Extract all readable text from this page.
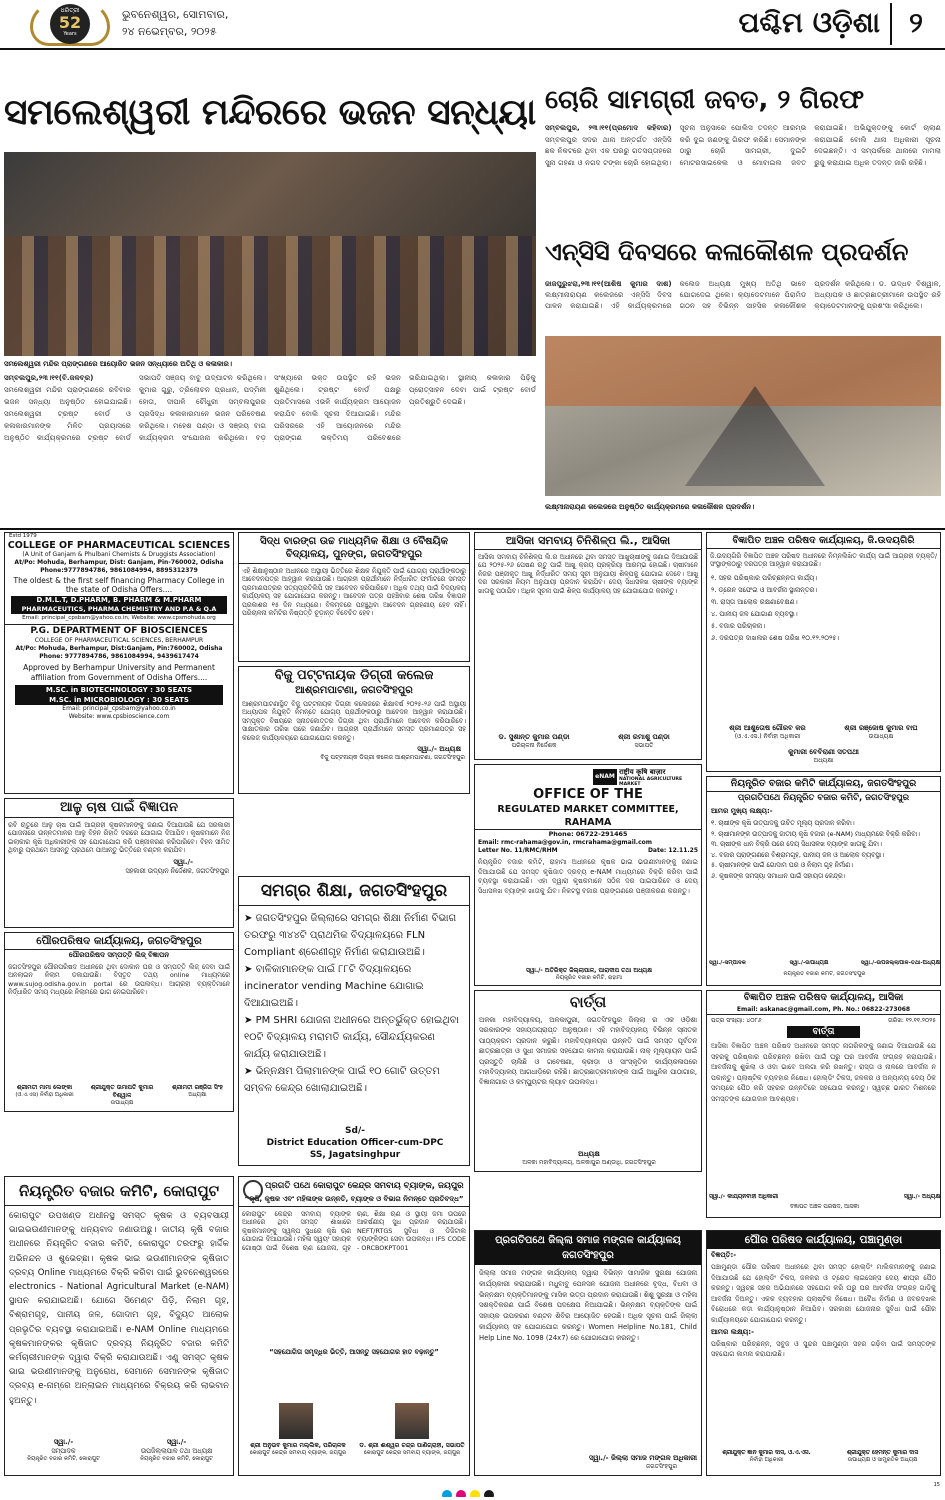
ଧରିତ୍ରୀ
52
Years
ଭୁବନେଶ୍ୱର, ସୋମବାର,
୨୪ ନଭେମ୍ବର, ୨୦୨୫	ପଶ୍ଚିମ ଓଡ଼ିଶା	୨
ସମଲେଶ୍ୱରୀ ମନ୍ଦିରରେ ଭଜନ ସନ୍ଧ୍ୟା
ସମଲେଶ୍ୱରୀ ମନ୍ଦିର ପ୍ରାଙ୍ଗଣରେ ଆୟୋଜିତ ଭଜନ ସନ୍ଧ୍ୟାରେ ଅତିଥି ଓ କଳାକାର।
ସମ୍ବଲପୁର,୨୩।୧୧(ବି.ଜଳବ୍ର) ସମଲେଶ୍ୱରୀ ମନ୍ଦିର ପ୍ରାଙ୍ଗଣରେ ରବିବାର ଭଜନ ସନ୍ଧ୍ୟା ଅନୁଷ୍ଠିତ ହୋଇଯାଇଛି। ସମଲେଶ୍ୱରୀ ଟ୍ରଷ୍ଟ ବୋର୍ଡ ଓ କଳାକାରମାନଙ୍କ ମିଳିତ ପ୍ରୟାସରେ ଅନୁଷ୍ଠିତ କାର୍ଯ୍ୟକ୍ରମରେ ଟ୍ରଷ୍ଟ ବୋର୍ଡ ସଭାପତି ସଞ୍ଜୟ ବାବୁ ଉଦ୍‌ଘାଟନ କରିଥିଲେ। କୁମାର ଗୁରୁ, ତ୍ରିଲୋଚନ ପ୍ରଧାନ, ପଦ୍ମିନୀ ହୋତା, ଦୀପାଳି ଚୌଧୁରୀ ସମ୍ବଲପୁରର ପ୍ରସିଦ୍ଧ କଳାକାରମାନେ ଭଜନ ପରିବେଷଣ କରିଥିଲେ। ମହେଶ ପଣ୍ଡା ଓ ସଞ୍ଜୟ ବାଗ କାର୍ଯ୍ୟକ୍ରମ ସଂଯୋଜନା କରିଥିଲେ। ବଡ଼ ସଂଖ୍ୟାରେ ଭକ୍ତ ଉପସ୍ଥିତ ରହି ଭଜନ ଶୁଣିଥିଲେ। ଟ୍ରଷ୍ଟ ବୋର୍ଡ ପକ୍ଷରୁ ପ୍ରତିମାସରେ ଏଭଳି କାର୍ଯ୍ୟକ୍ରମ ଆୟୋଜନ କରାଯିବ ବୋଲି ସୂଚନା ଦିଆଯାଇଛି। ମନ୍ଦିର ପରିସରରେ ଏହି ଆୟୋଜନରେ ମନ୍ଦିର ପ୍ରାଙ୍ଗଣ ଭକ୍ତିମୟ ପରିବେଶରେ ଭରିଯାଇଥିଲା। ସ୍ଥାନୀୟ କଳାକାର ପିଢ଼ିକୁ ପ୍ରୋତ୍ସାହନ ଦେବା ପାଇଁ ଟ୍ରଷ୍ଟ ବୋର୍ଡ ପ୍ରତିଶ୍ରୁତି ଦେଇଛି।
ଚୋରି ସାମଗ୍ରୀ ଜବତ, ୨ ଗିରଫ
ସମ୍ବଲପୁର, ୨୩।୧୧(ପ୍ରମୋଦ କହିବାର) ସମ୍ବଲପୁର ସଦର ଥାନା ଅନ୍ତର୍ଗତ ଏନ୍‌ସିସି ଛକ ନିକଟରେ ଥିବା ଏକ ଘରରୁ ଗତସପ୍ତାହରେ ସୁନା ଗହଣା ଓ ନଗଦ ଟଙ୍କା ଚୋରି ହୋଇଥିଲା। ସୂଚନା ଅନୁସାରେ ପୋଲିସ ତଦନ୍ତ ଆରମ୍ଭ କରି ଦୁଇ ଜଣଙ୍କୁ ଗିରଫ କରିଛି। ସେମାନଙ୍କ ଠାରୁ ଚୋରି ସାମଗ୍ରୀ, ଦୁଇଟି ମୋଟରସାଇକେଲ ଓ ମୋବାଇଲ ଜବତ କରାଯାଇଛି। ଅଭିଯୁକ୍ତଙ୍କୁ କୋର୍ଟ ଚାଲାଣ କରାଯାଇଛି ବୋଲି ଥାନା ଅଧିକାରୀ ସୂଚନା ଦେଇଛନ୍ତି। ଏ ସମ୍ପର୍କରେ ଥାନାରେ ମାମଲା ରୁଜୁ କରାଯାଇ ଅଧିକ ତଦନ୍ତ ଜାରି ରହିଛି।
ଏନ୍‌ସିସି ଦିବସରେ କଳାକୌଶଳ ପ୍ରଦର୍ଶନ
ଜାଜପୁରୁଝରା,୨୩।୧୧(ଆଶିଷ କୁମାର ଦାଶ) ଲକ୍ଷ୍ମୀନାରାୟଣ କଲେଜରେ ଏନ୍‌ସିସି ଦିବସ ପାଳନ କରାଯାଇଛି। ଏହି କାର୍ଯ୍ୟକ୍ରମରେ କଲେଜ ଅଧ୍ୟକ୍ଷ ମୁଖ୍ୟ ଅତିଥି ଭାବେ ଯୋଗଦେଇ ଥିଲେ। କ୍ୟାଡେଟମାନେ ପିରାମିଡ ଗଠନ ସହ ବିଭିନ୍ନ ସାହସିକ କଳାକୌଶଳ ପ୍ରଦର୍ଶନ କରିଥିଲେ। ଡ. ଉଦ୍ଧବ ବିଶ୍ୱାଳ, ଅଧ୍ୟାପକ ଓ ଛାତ୍ରଛାତ୍ରୀମାନେ ଉପସ୍ଥିତ ରହି କ୍ୟାଡେଟମାନଙ୍କୁ ପ୍ରଶଂସା କରିଥିଲେ।
ଲକ୍ଷ୍ମୀନାରାୟଣ କଲେଜରେ ଅନୁଷ୍ଠିତ କାର୍ଯ୍ୟକ୍ରମରେ କଳାକୌଶଳ ପ୍ରଦର୍ଶନ।
Estd 1979
COLLEGE OF PHARMACEUTICAL SCIENCES
(A Unit of Ganjam & Phulbani Chemists & Druggists Association)
At/Po: Mohuda, Berhampur, Dist: Ganjam, Pin-760002, Odisha
Phone:9777894786, 9861084994, 8895312379
The oldest & the first self financing Pharmacy College in the state of Odisha Offers....
D.M.L.T, D.PHARM, B. PHARM & M.PHARM
PHARMACEUTICS, PHARMA CHEMISTRY AND P.A & Q.A
Email: principal_cpsbam@yahoo.co.in, Website: www.cpsmohuda.org
P.G. DEPARTMENT OF BIOSCIENCES
COLLEGE OF PHARMACEUTICAL SCIENCES, BERHAMPUR
At/Po: Mohuda, Berhampur, Dist:Ganjam, Pin:760002, Odisha
Phone: 9777894786, 9861084994, 9439617474
Approved by Berhampur University and Permanent affiliation from Government of Odisha Offers....
M.SC. in BIOTECHNOLOGY : 30 SEATS
M.SC. in MICROBIOLOGY : 30 SEATS
Email: principal_cpsbam@yahoo.co.in
Website: www.cpsbioscience.com
ସିଦ୍ଧ ବାରଙ୍ଗ ଉଚ୍ଚ ମାଧ୍ୟମିକ ଶିକ୍ଷା ଓ ବୈଷୟିକ ବିଦ୍ୟାଳୟ, ପୁନଙ୍ଗ, ଜଗତସିଂହପୁର
ଏହି ଶିକ୍ଷାନୁଷ୍ଠାନ ଅଧୀନରେ ଅସ୍ଥାୟୀ ଭିତ୍ତିରେ ଶିକ୍ଷକ ନିଯୁକ୍ତି ପାଇଁ ଯୋଗ୍ୟ ପ୍ରାର୍ଥୀଙ୍କଠାରୁ ଆବେଦନପତ୍ର ଆହ୍ୱାନ କରାଯାଉଛି। ଆଗ୍ରହୀ ପ୍ରାର୍ଥୀମାନେ ନିର୍ଦ୍ଧାରିତ ଫର୍ମାଟରେ ସମସ୍ତ ପ୍ରମାଣପତ୍ରର ସତ୍ୟପ୍ରତିଲିପି ସହ ଆବେଦନ କରିପାରିବେ। ଅଧିକ ତଥ୍ୟ ପାଇଁ ବିଦ୍ୟାଳୟ କାର୍ଯ୍ୟାଳୟ ସହ ଯୋଗାଯୋଗ କରନ୍ତୁ। ଆବେଦନ ପତ୍ର ପହଞ୍ଚିବାର ଶେଷ ତାରିଖ ବିଜ୍ଞାପନ ପ୍ରକାଶର ୧୫ ଦିନ ମଧ୍ୟରେ। ବିଳମ୍ବରେ ପହଞ୍ଚୁଥିବା ଆବେଦନ ଗ୍ରହଣୀୟ ହେବ ନାହିଁ। ପରିଚାଳନା କମିଟିର ନିଷ୍ପତ୍ତି ଚୂଡ଼ାନ୍ତ ବିବେଚିତ ହେବ।
ବିଜୁ ପଟ୍ଟନାୟକ ଡିଗ୍ରୀ କଲେଜ
ଆଶ୍ରମପାଟଣା, ଜଗତସିଂହପୁର
ଆଶ୍ରମପାଟଣାସ୍ଥିତ ବିଜୁ ପଟ୍ଟନାୟକ ଡିଗ୍ରୀ କଲେଜରେ ଶିକ୍ଷାବର୍ଷ ୨୦୨୫-୨୬ ପାଇଁ ଅସ୍ଥାୟୀ ଅଧ୍ୟାପକ ନିଯୁକ୍ତି ନିମନ୍ତେ ଯୋଗ୍ୟ ପ୍ରାର୍ଥୀଙ୍କଠାରୁ ଆବେଦନ ଆହ୍ୱାନ କରାଯାଉଛି। ସମ୍ପୃକ୍ତ ବିଷୟରେ ସ୍ନାତକୋତ୍ତର ଡିଗ୍ରୀ ଥିବା ପ୍ରାର୍ଥୀମାନେ ଆବେଦନ କରିପାରିବେ। ସାକ୍ଷାତକାର ତାରିଖ ପରେ ଜଣାଯିବ। ଆଗ୍ରହୀ ପ୍ରାର୍ଥୀମାନେ ସମସ୍ତ ପ୍ରମାଣପତ୍ର ସହ କଲେଜ କାର୍ଯ୍ୟାଳୟରେ ଯୋଗାଯୋଗ କରନ୍ତୁ।
ସ୍ୱା./- ଅଧ୍ୟକ୍ଷ
ବିଜୁ ପଟ୍ଟନାୟକ ଡିଗ୍ରୀ କଲେଜ ଆଶ୍ରମପାଟଣା, ଜଗତସିଂହପୁର
ଆସିକା ସମବାୟ ଚିନିଶିଳ୍ପ ଲି., ଆସିକା
ଆସିକା ସମବାୟ ଚିନିଶିଳ୍ପ ଲି.ର ଅଧୀନରେ ଥିବା ସମସ୍ତ ଆଖୁଚାଷୀଙ୍କୁ ଜଣାଇ ଦିଆଯାଉଛି ଯେ ୨୦୨୫-୨୬ ପେଷଣ ଋତୁ ପାଇଁ ଆଖୁ କ୍ରୟ ପ୍ରକ୍ରିୟା ଆରମ୍ଭ ହୋଇଛି। ଚାଷୀମାନେ ନିଜର ପଞ୍ଜୀକୃତ ଆଖୁ ନିର୍ଦ୍ଧାରିତ ସମୟ ସୂଚୀ ଅନୁଯାୟୀ ଶିଳ୍ପକୁ ଯୋଗାଇ ଦେବେ। ଆଖୁ ଦର ସରକାରୀ ନିୟମ ଅନୁଯାୟୀ ପ୍ରଦାନ କରାଯିବ। ଦେୟ ସିଧାସଳଖ ଚାଷୀଙ୍କ ବ୍ୟାଙ୍କ ଖାତାକୁ ପଠାଯିବ। ଅଧିକ ସୂଚନା ପାଇଁ ଶିଳ୍ପ କାର୍ଯ୍ୟାଳୟ ସହ ଯୋଗାଯୋଗ କରନ୍ତୁ।
ଡ. ସୁଶାନ୍ତ କୁମାର ପଣ୍ଡା
ପରିଚାଳନା ନିର୍ଦ୍ଦେଶକ
ଶ୍ରୀ ରମାଶୁ ପଣ୍ଡା
ସଭାପତି
ବିଜ୍ଞାପିତ ଅଞ୍ଚଳ ପରିଷଦ କାର୍ଯ୍ୟାଳୟ, ଜି.ଉଦୟଗିରି
ଜି.ଉଦୟଗିରି ବିଜ୍ଞାପିତ ଅଞ୍ଚଳ ପରିଷଦ ଅଧୀନରେ ନିମ୍ନଲିଖିତ କାର୍ଯ୍ୟ ପାଇଁ ଆଗ୍ରହୀ ବ୍ୟକ୍ତି/ସଂସ୍ଥାଙ୍କଠାରୁ ଦରପତ୍ର ଆହ୍ୱାନ କରାଯାଉଛି।
୧. ସହର ପରିଷ୍କାର ପରିଚ୍ଛନ୍ନତା କାର୍ଯ୍ୟ।
୨. ଡ୍ରେନ ସଫେଇ ଓ ଆବର୍ଜନା ସ୍ଥାନାନ୍ତର।
୩. ରାସ୍ତା ଆଲୋକ ରକ୍ଷଣାବେକ୍ଷଣ।
୪. ପାନୀୟ ଜଳ ଯୋଗାଣ ବ୍ୟବସ୍ଥା।
୫. ବଜାର ପରିଚାଳନା।
୬. ଦରପତ୍ର ଦାଖଲର ଶେଷ ତାରିଖ ୧୦.୧୨.୨୦୨୫।
ଶ୍ରୀ ଆଶୁତୋଷ ଗୌରବ କର
(ଓ.ଏ.ଏସ.) ନିର୍ବାହୀ ଅଧିକାରୀ
ଶ୍ରୀ ରଞ୍ଜୋଷ କୁମାର ବାଘ
ଉପାଧ୍ୟକ୍ଷ
କୁମାରୀ ବେବିରାଣୀ ସତପଥୀ
ଅଧ୍ୟକ୍ଷା
ଆଳୁ ଚାଷ ପାଇଁ ବିଜ୍ଞାପନ
ରବି ଋତୁରେ ଆଳୁ ଚାଷ ପାଇଁ ଆଗ୍ରହୀ କୃଷକମାନଙ୍କୁ ଜଣାଇ ଦିଆଯାଉଛି ଯେ ସରକାରୀ ଯୋଜନାରେ ଉନ୍ନତମାନର ଆଳୁ ବିହନ ରିହାତି ଦରରେ ଯୋଗାଇ ଦିଆଯିବ। କୃଷକମାନେ ନିଜ ଇଲାକାର କୃଷି ଅଧିକାରୀଙ୍କ ସହ ଯୋଗାଯୋଗ କରି ପଞ୍ଜୀକରଣ କରିପାରିବେ। ବିହନ ସୀମିତ ଥିବାରୁ ପ୍ରଥମେ ଆସନ୍ତୁ ପ୍ରଥମେ ପାଆନ୍ତୁ ଭିତ୍ତିରେ ବଣ୍ଟନ କରାଯିବ।
ସ୍ୱା./-
ସହକାରୀ ଉଦ୍ୟାନ ନିର୍ଦ୍ଦେଶକ, ଜଗତସିଂହପୁର
ପୌରପରିଷଦ କାର୍ଯ୍ୟାଳୟ, ଜଗତସିଂହପୁର
ପୌରପରିଷଦ ସମ୍ପତ୍ତି ଲିଜ୍ ବିଜ୍ଞାପନ
ଜଗତସିଂହପୁର ପୌରପରିଷଦ ଅଧୀନରେ ଥିବା ଦୋକାନ ଘର ଓ ସମ୍ପତ୍ତି ଲିଜ୍ ଦେବା ପାଇଁ ଅନଲାଇନ ନିଲାମ ଡକାଯାଉଛି। ବିସ୍ତୃତ ତଥ୍ୟ online ମାଧ୍ୟମରେ www.sujog.odisha.gov.in portal ରେ ଉପଲବ୍ଧ। ଆଗ୍ରହୀ ବ୍ୟକ୍ତିମାନେ ନିର୍ଦ୍ଧାରିତ ସମୟ ମଧ୍ୟରେ ନିଲାମରେ ଭାଗ ନେଇପାରିବେ।
ଶ୍ରୀମତୀ ମାମା ଲେଙ୍କା
(ଓ.ଏ.ଏସ) ନିର୍ବାହୀ ଅଧିକାରୀ
ଶ୍ରୀଯୁକ୍ତ ଉମାପତି କୁମାର ବିଶ୍ୱାଳ
ଉପାଧ୍ୟକ୍ଷ
ଶ୍ରୀମତୀ ରଞ୍ଜିତା ସିଂହ
ଅଧ୍ୟକ୍ଷା
ସମଗ୍ର ଶିକ୍ଷା, ଜଗତସିଂହପୁର
➤ ଜଗତସିଂହପୁର ଜିଲ୍ଲାରେ ସମଗ୍ର ଶିକ୍ଷା ନିର୍ମାଣ ବିଭାଗ ତରଫରୁ ୩୪୪ଟି ପ୍ରାଥମିକ ବିଦ୍ୟାଳୟରେ FLN Compliant ଶ୍ରେଣୀଗୃହ ନିର୍ମାଣ କରାଯାଉଅଛି।
➤ ବାଳିକାମାନଙ୍କ ପାଇଁ ୮୮ଟି ବିଦ୍ୟାଳୟରେ incinerator vending Machine ଯୋଗାଇ ଦିଆଯାଇଅଛି।
➤ PM SHRI ଯୋଜନା ଅଧୀନରେ ଅନ୍ତର୍ଭୁକ୍ତ ହୋଇଥିବା ୧୦ଟି ବିଦ୍ୟାଳୟ ମରାମତି କାର୍ଯ୍ୟ, ସୌନ୍ଦର୍ଯ୍ୟକରଣ କାର୍ଯ୍ୟ କରାଯାଉଅଛି।
➤ ଭିନ୍ନକ୍ଷମ ପିଲାମାନଙ୍କ ପାଇଁ ୧୦ ଗୋଟି ଉତ୍ତମ ସମ୍ବଳ କେନ୍ଦ୍ର ଖୋଲାଯାଇଅଛି।
Sd/-
District Education Officer-cum-DPC
SS, Jagatsinghpur
ନିୟନ୍ତ୍ରିତ ବଜାର କମିଟି, କୋରାପୁଟ
କୋରାପୁଟ ଉପଖଣ୍ଡ ଅଧୀନସ୍ଥ ସମସ୍ତ କୃଷକ ଓ ବ୍ୟବସାୟୀ ଭାଇଭଉଣୀମାନଙ୍କୁ ଧନ୍ୟବାଦ ଜଣାଉଅଛୁ। ଜାତୀୟ କୃଷି ବଜାର ଅଧୀନରେ ନିୟନ୍ତ୍ରିତ ବଜାର କମିଟି, କୋରାପୁଟ ତରଫରୁ ହାର୍ଦ୍ଦିକ ଅଭିନନ୍ଦନ ଓ ଶୁଭେଚ୍ଛା। କୃଷକ ଭାଇ ଭଉଣୀମାନଙ୍କ କୃଷିଜାତ ଦ୍ରବ୍ୟ Online ମାଧ୍ୟମରେ ବିକ୍ରି କରିବା ପାଇଁ ଭୁବନେଶ୍ୱରରେ electronics - National Agricultural Market (e-NAM) ସ୍ଥାପନ କରାଯାଇଅଛି। ଯୋଗେ ସିମେଣ୍ଟ ପିଡ଼ି, ନିଲାମ ଗୃହ, ବିଶ୍ରାମଗୃହ, ପାନୀୟ ଜଳ, ଗୋଦାମ ଗୃହ, ବିଦ୍ୟୁତ ଆଲୋକ ପ୍ରଭୃତିର ବ୍ୟବସ୍ଥା କରାଯାଇଅଛି। e-NAM Online ମାଧ୍ୟମରେ କୃଷକମାନଙ୍କର କୃଷିଜାତ ଦ୍ରବ୍ୟ ନିୟନ୍ତ୍ରିତ ବଜାର କମିଟି କର୍ମଚାରୀମାନଙ୍କ ଦ୍ୱାରା ବିକ୍ରି କରାଯାଉଅଛି। ଏଣୁ ସମସ୍ତ କୃଷକ ଭାଇ ଭଉଣୀମାନଙ୍କୁ ଅନୁରୋଧ, ସେମାନେ ସେମାନଙ୍କ କୃଷିଜାତ ଦ୍ରବ୍ୟ e-ନାମ୍‌ରେ ଅନ୍‌ଲାଇନ ମାଧ୍ୟମରେ ବିକ୍ରୟ କରି ଲାଭବାନ ହୁଅନ୍ତୁ।
ସ୍ୱା./-
ସମ୍ପାଦକ
ନିୟନ୍ତ୍ରିତ ବଜାର କମିଟି, କୋରାପୁଟ
ସ୍ୱା./-
ଉପଜିଲ୍ଲାପାଳ ତଥା ଅଧ୍ୟକ୍ଷ
ନିୟନ୍ତ୍ରିତ ବଜାର କମିଟି, କୋରାପୁଟ
ପ୍ରଗତି ପଥେ କୋରାପୁଟ କେନ୍ଦ୍ର ସମବାୟ ବ୍ୟାଙ୍କ, ଜୟପୁର
“କୃଷି, କୃଷକ ଏବଂ ମହିଳାଙ୍କ ଉନ୍ନତି, ବ୍ୟାଙ୍କ ଓ ବିଭାଗ ନିମନ୍ତେ ପ୍ରତିବଦ୍ଧ”
କୋରାପୁଟ କେନ୍ଦ୍ର ସମବାୟ ବ୍ୟାଙ୍କ ଅଧୀନରେ ଥିବା ସମସ୍ତ ଶାଖାରେ କୃଷକମାନଙ୍କୁ ସ୍ୱଳ୍ପ ସୁଧରେ କୃଷି ଋଣ ଯୋଗାଇ ଦିଆଯାଉଛି। ମହିଳା ସ୍ୱୟଂ ସହାୟକ ଗୋଷ୍ଠୀ ପାଇଁ ବିଶେଷ ଋଣ ଯୋଜନା, ଗୃହ ଋଣ, ଶିକ୍ଷା ଋଣ ଓ ସ୍ଥାୟୀ ଜମା ଉପରେ ଆକର୍ଷଣୀୟ ସୁଧ ପ୍ରଦାନ କରାଯାଉଛି। NEFT/RTGS ସୁବିଧା ଓ ଡିଜିଟାଲ ବ୍ୟାଙ୍କିଙ୍ଗ ସେବା ଉପଲବ୍ଧ। IFS CODE - ORCBOKPT001
“ସହଯୋଗିତା ସମୃଦ୍ଧିର ଭିତ୍ତି, ଆସନ୍ତୁ ସହଯୋଗର ହାତ ବଢ଼ାନ୍ତୁ”
ଶ୍ରୀ ଅନୁଭବ କୁମାର ମଲ୍ଲିକ, ପରିଚାଳକ
କୋରାପୁଟ କେନ୍ଦ୍ର ସମବାୟ ବ୍ୟାଙ୍କ, ଜୟପୁର
ଡ. ଶ୍ରୀ ଈଶ୍ୱର ଚନ୍ଦ୍ର ପାଣିଗ୍ରାହୀ, ସଭାପତି
କୋରାପୁଟ କେନ୍ଦ୍ର ସମବାୟ ବ୍ୟାଙ୍କ, ଜୟପୁର
eNAM
राष्ट्रीय कृषि बाज़ार
NATIONAL AGRICULTURE MARKET
OFFICE OF THE
REGULATED MARKET COMMITTEE, RAHAMA
Phone: 06722-291465
Email: rmc-rahama@gov.in, rmcrahama@gmail.com
Letter No. 11/RMC/RHM	Date: 12.11.25
ନିୟନ୍ତ୍ରିତ ବଜାର କମିଟି, ରାହାମା ଅଧୀନରେ କୃଷକ ଭାଇ ଭଉଣୀମାନଙ୍କୁ ଜଣାଇ ଦିଆଯାଉଛି ଯେ ସମସ୍ତ କୃଷିଜାତ ଦ୍ରବ୍ୟ e-NAM ମାଧ୍ୟମରେ ବିକ୍ରି କରିବା ପାଇଁ ବ୍ୟବସ୍ଥା କରାଯାଇଛି। ଏହା ଦ୍ୱାରା କୃଷକମାନେ ସଠିକ ଦର ପାଇପାରିବେ ଓ ଦେୟ ସିଧାସଳଖ ବ୍ୟାଙ୍କ ଖାତାକୁ ଯିବ। ନିକଟସ୍ଥ ବଜାର ପ୍ରାଙ୍ଗଣରେ ପଞ୍ଜୀକରଣ କରନ୍ତୁ।
ସ୍ୱା./- ଅତିରିକ୍ତ ଜିଲ୍ଲାପାଳ, ପାରାଦୀପ ତଥା ଅଧ୍ୟକ୍ଷ
ନିୟନ୍ତ୍ରିତ ବଜାର କମିଟି, ରାହାମା
ନିୟନ୍ତ୍ରିତ ବଜାର କମିଟି କାର୍ଯ୍ୟାଳୟ, ଜଗତସିଂହପୁର
ପ୍ରଗତିପଥେ ନିୟନ୍ତ୍ରିତ ବଜାର କମିଟି, ଜଗତସିଂହପୁର
ଆମର ମୁଖ୍ୟ ଲକ୍ଷ୍ୟ:-
୧. ଚାଷୀଙ୍କ କୃଷି ଉତ୍ପାଦକୁ ଉଚିତ ମୂଲ୍ୟ ପ୍ରଦାନ କରିବା।
୨. ଚାଷୀମାନଙ୍କ ଉତ୍ପାଦକୁ ଜାତୀୟ କୃଷି ବଜାର (e-NAM) ମାଧ୍ୟମରେ ବିକ୍ରି କରିବା।
୩. ଚାଷୀଙ୍କ ଧାନ ବିକ୍ରି ପରେ ଦେୟ ସିଧାସଳଖ ବ୍ୟାଙ୍କ ଖାତାକୁ ଯିବା।
୪. ବଜାର ପ୍ରାଙ୍ଗଣରେ ବିଶ୍ରାମଗୃହ, ପାନୀୟ ଜଳ ଓ ଆଲୋକ ବ୍ୟବସ୍ଥା।
୫. ଚାଷୀମାନଙ୍କ ପାଇଁ ଗୋଦାମ ଘର ଓ ନିଲାମ ଗୃହ ନିର୍ମାଣ।
୬. କୃଷକଙ୍କ ସମସ୍ୟା ସମାଧାନ ପାଇଁ ସହାୟତା କେନ୍ଦ୍ର।
ସ୍ୱା./-ସମ୍ପାଦକ	ସ୍ୱା./-ଉପାଧ୍ୟକ୍ଷ	ସ୍ୱା./-ଉପଜିଲ୍ଲାପାଳ-ତଥା-ଅଧ୍ୟକ୍ଷ
ନିୟନ୍ତ୍ରିତ ବଜାର କମିଟି, ଜଗତସିଂହପୁର
ବାର୍ତ୍ତା
ଅଳକା ମହାବିଦ୍ୟାଳୟ, ଅଳକାପୁରୀ, ଜଗତସିଂହପୁର ଜିଲ୍ଲା ର ଏକ ଓଡ଼ିଶା ସରକାରଙ୍କ ସହାୟତାପ୍ରାପ୍ତ ଅନୁଷ୍ଠାନ। ଏହି ମହାବିଦ୍ୟାଳୟ ବିଭିନ୍ନ ସ୍ନାତକ ପାଠ୍ୟକ୍ରମ ପ୍ରଦାନ କରୁଛି। ମହାବିଦ୍ୟାଳୟର ଉନ୍ନତି ପାଇଁ ସମସ୍ତ ପୂର୍ବତନ ଛାତ୍ରଛାତ୍ରୀ ଓ ସୁଧୀ ସମାଜର ସହଯୋଗ କାମନା କରାଯାଉଛି। ନାକ୍ ମୂଲ୍ୟାୟନ ପାଇଁ ପ୍ରସ୍ତୁତି ଚାଲିଛି ଓ ଗବେଷଣା, କ୍ରୀଡ଼ା ଓ ସାଂସ୍କୃତିକ କାର୍ଯ୍ୟକଳାପରେ ମହାବିଦ୍ୟାଳୟ ଆଗଧାଡ଼ିରେ ରହିଛି। ଛାତ୍ରଛାତ୍ରୀମାନଙ୍କ ପାଇଁ ଆଧୁନିକ ପାଠାଗାର, ବିଜ୍ଞାନାଗାର ଓ କମ୍ପ୍ୟୁଟର ଲ୍ୟାବ ଉପଲବ୍ଧ।
ଅଧ୍ୟକ୍ଷ
ଅଳକା ମହାବିଦ୍ୟାଳୟ, ଅଳକାପୁର ଅଣ୍ଡାଧି, ଜଗତସିଂହପୁର
ବିଜ୍ଞାପିତ ଅଞ୍ଚଳ ପରିଷଦ କାର୍ଯ୍ୟାଳୟ, ଆସିକା
Email: askanac@gmail.com, Ph. No.: 06822-273068
ପତ୍ର ସଂଖ୍ୟା: ୪୦୮୬	ତାରିଖ: ୧୨.୧୧.୨୦୨୫
ବାର୍ତ୍ତା
ଆସିକା ବିଜ୍ଞାପିତ ଅଞ୍ଚଳ ପରିଷଦ ଅଧୀନରେ ସମସ୍ତ ନାଗରିକଙ୍କୁ ଜଣାଇ ଦିଆଯାଉଛି ଯେ ସହରକୁ ପରିଷ୍କାର ପରିଚ୍ଛନ୍ନ ରଖିବା ପାଇଁ ଘରୁ ଘର ଆବର୍ଜନା ସଂଗ୍ରହ କରାଯାଉଛି। ଆବର୍ଜନାକୁ ଶୁଖିଲା ଓ ଓଦା ଭାବେ ଅଲଗା କରି ରଖନ୍ତୁ। ରାସ୍ତା ଓ ନାଳରେ ଆବର୍ଜନା ନ ପକାନ୍ତୁ। ପ୍ଲାଷ୍ଟିକ ବ୍ୟବହାର ନିଷେଧ। ହୋଲ୍ଡିଂ ଟିକସ, ଜଳକର ଓ ଅନ୍ୟାନ୍ୟ ଦେୟ ଠିକ ସମୟରେ ପୈଠ କରି ସହରର ଉନ୍ନତିରେ ସହଯୋଗ କରନ୍ତୁ। ସ୍ୱଚ୍ଛ ଭାରତ ମିଶନରେ ସମସ୍ତଙ୍କ ଯୋଗଦାନ ଆବଶ୍ୟକ।
ସ୍ୱା./- କାର୍ଯ୍ୟନିର୍ବାହୀ ଅଧିକାରୀ	ସ୍ୱା./- ଅଧ୍ୟକ୍ଷ
ବିଜ୍ଞାପିତ ଅଞ୍ଚଳ ପରିଷଦ, ଆସିକା
ପ୍ରଗତିପଥେ ଜିଲ୍ଲା ସମାଜ ମଙ୍ଗଳ କାର୍ଯ୍ୟାଳୟ ଜଗତସିଂହପୁର
ଜିଲ୍ଲା ସମାଜ ମଙ୍ଗଳ କାର୍ଯ୍ୟାଳୟ ଦ୍ୱାରା ବିଭିନ୍ନ ସାମାଜିକ ସୁରକ୍ଷା ଯୋଜନା କାର୍ଯ୍ୟକାରୀ କରାଯାଉଛି। ମଧୁବାବୁ ପେନସନ ଯୋଜନା ଅଧୀନରେ ବୃଦ୍ଧ, ବିଧବା ଓ ଭିନ୍ନକ୍ଷମ ବ୍ୟକ୍ତିମାନଙ୍କୁ ମାସିକ ଭତ୍ତା ପ୍ରଦାନ କରାଯାଉଛି। ଶିଶୁ ସୁରକ୍ଷା ଓ ମହିଳା ସଶକ୍ତିକରଣ ପାଇଁ ବିଶେଷ ପଦକ୍ଷେପ ନିଆଯାଇଛି। ଭିନ୍ନକ୍ଷମ ବ୍ୟକ୍ତିଙ୍କ ପାଇଁ ସହାୟକ ଉପକରଣ ବଣ୍ଟନ ଶିବିର ଆୟୋଜିତ ହେଉଛି। ଅଧିକ ସୂଚନା ପାଇଁ ଜିଲ୍ଲା କାର୍ଯ୍ୟାଳୟ ସହ ଯୋଗାଯୋଗ କରନ୍ତୁ। Women Helpline No.181, Child Help Line No. 1098 (24x7) ରେ ଯୋଗାଯୋଗ କରନ୍ତୁ।
ସ୍ୱା./- ଜିଲ୍ଲା ସମାଜ ମଙ୍ଗଳ ଅଧିକାରୀ
ଜଗତସିଂହପୁର
ପୌର ପରିଷଦ କାର୍ଯ୍ୟାଳୟ, ପଞ୍ଚାମୁଣ୍ଡା
ବିଜ୍ଞପ୍ତି:-
ପଞ୍ଚାମୁଣ୍ଡା ପୌର ପରିଷଦ ଅଧୀନରେ ଥିବା ସମସ୍ତ ହୋଲ୍ଡିଂ ମାଲିକମାନଙ୍କୁ ଜଣାଇ ଦିଆଯାଉଛି ଯେ ହୋଲ୍ଡିଂ ଟିକସ, ଜଳକର ଓ ଟ୍ରେଡ ଲାଇସେନ୍ସ ଦେୟ ଶୀଘ୍ର ପୈଠ କରନ୍ତୁ। ସ୍ୱଚ୍ଛ ସହର ଅଭିଯାନରେ ସହଯୋଗ କରି ଘରୁ ଘର ଆବର୍ଜନା ସଂଗ୍ରହ ଗାଡ଼ିକୁ ଆବର୍ଜନା ଦିଅନ୍ତୁ। ଏକକ ବ୍ୟବହାର ପ୍ଲାଷ୍ଟିକ ନିଷେଧ। ଅବୈଧ ନିର୍ମାଣ ଓ ଜବରଦଖଲ ବିରୋଧରେ କଡ଼ା କାର୍ଯ୍ୟାନୁଷ୍ଠାନ ନିଆଯିବ। ସରକାରୀ ଯୋଜନାର ସୁବିଧା ପାଇଁ ପୌର କାର୍ଯ୍ୟାଳୟରେ ଯୋଗାଯୋଗ କରନ୍ତୁ।
ଆମର ଲକ୍ଷ୍ୟ:-
ପରିଷ୍କାର ପରିଚ୍ଛନ୍ନ, ସବୁଜ ଓ ସୁନ୍ଦର ପଞ୍ଚାମୁଣ୍ଡା ସହର ଗଢ଼ିବା ପାଇଁ ସମସ୍ତଙ୍କ ସହଯୋଗ କାମନା କରାଯାଉଛି।
ଶ୍ରୀଯୁକ୍ତ ଜ୍ଞାନ କୁମାର ଦାସ, ଓ.ଏ.ଏସ.
ନିର୍ବାହୀ ଅଧିକାରୀ
ଶ୍ରୀଯୁକ୍ତ ହେମନ୍ତ କୁମାର ଦାସ
ଉପାଧ୍ୟକ୍ଷ ଓ ସାମ୍ପ୍ରତିକ ଅଧ୍ୟକ୍ଷ
15
